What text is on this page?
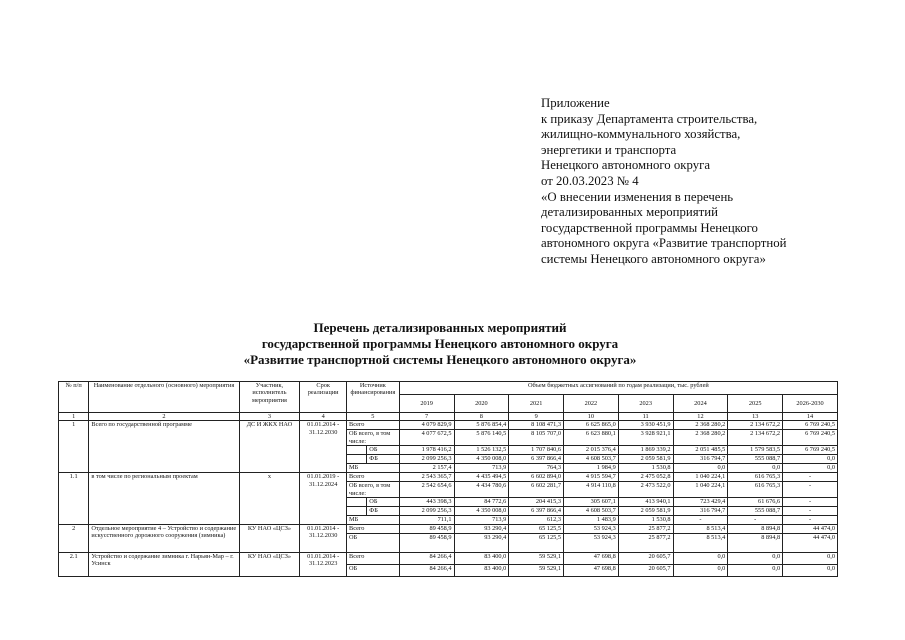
Приложение
к приказу Департамента строительства,
жилищно-коммунального хозяйства,
энергетики и транспорта
Ненецкого автономного округа
от 20.03.2023 № 4
«О внесении изменения в перечень
детализированных мероприятий
государственной программы Ненецкого
автономного округа «Развитие транспортной
системы Ненецкого автономного округа»
Перечень детализированных мероприятий
государственной программы Ненецкого автономного округа
«Развитие транспортной системы Ненецкого автономного округа»
№ п/п	Наименование отдельного (основного) мероприятия	Участник, исполнитель мероприятия	Срок реализации	Источник финансирования		Объем бюджетных ассигнований по годам реализации, тыс. рублей							
						2019	2020	2021	2022	2023	2024	2025	2026-2030
1	2	3	4	5		7	8	9	10	11	12	13	14
1	Всего по государственной программе	ДС И ЖКХ НАО	01.01.2014 - 31.12.2030	Всего		4 079 829,9	5 876 854,4	8 108 471,3	6 625 865,0	3 930 451,9	2 368 280,2	2 134 672,2	6 769 240,5
				ОБ всего, в том числе:		4 077 672,5	5 876 140,5	8 105 707,0	6 623 880,1	3 928 921,1	2 368 280,2	2 134 672,2	6 769 240,5
					ОБ	1 978 416,2	1 526 132,5	1 707 840,6	2 015 376,4	1 869 339,2	2 051 485,5	1 579 583,5	6 769 240,5
					ФБ	2 099 256,3	4 350 008,0	6 397 866,4	4 608 503,7	2 059 581,9	316 794,7	555 088,7	0,0
				МБ		2 157,4	713,9	764,3	1 984,9	1 530,8	0,0	0,0	0,0
1.1	в том числе по региональным проектам	х	01.01.2019 - 31.12.2024	Всего		2 543 365,7	4 435 494,5	6 602 894,0	4 915 594,7	2 475 052,8	1 040 224,1	616 765,3	-
				ОБ всего, в том числе:		2 542 654,6	4 434 780,6	6 602 281,7	4 914 110,8	2 473 522,0	1 040 224,1	616 765,3	-
					ОБ	443 398,3	84 772,6	204 415,3	305 607,1	413 940,1	723 429,4	61 676,6	-
					ФБ	2 099 256,3	4 350 008,0	6 397 866,4	4 608 503,7	2 059 581,9	316 794,7	555 088,7	-
				МБ		711,1	713,9	612,3	1 483,9	1 530,8	-	-	-
2	Отдельное мероприятие 4 – Устройство и содержание искусственного дорожного сооружения (зимника)	КУ НАО «ЦСЗ»	01.01.2014 - 31.12.2030	Всего		89 458,9	93 290,4	65 125,5	53 924,3	25 877,2	8 513,4	8 894,8	44 474,0
				ОБ		89 458,9	93 290,4	65 125,5	53 924,3	25 877,2	8 513,4	8 894,8	44 474,0
2.1	Устройство и содержание зимника г. Нарьян-Мар – г. Усинск	КУ НАО «ЦСЗ»	01.01.2014 - 31.12.2023	Всего		84 266,4	83 400,0	59 529,1	47 698,8	20 605,7	0,0	0,0	0,0
				ОБ		84 266,4	83 400,0	59 529,1	47 698,8	20 605,7	0,0	0,0	0,0
